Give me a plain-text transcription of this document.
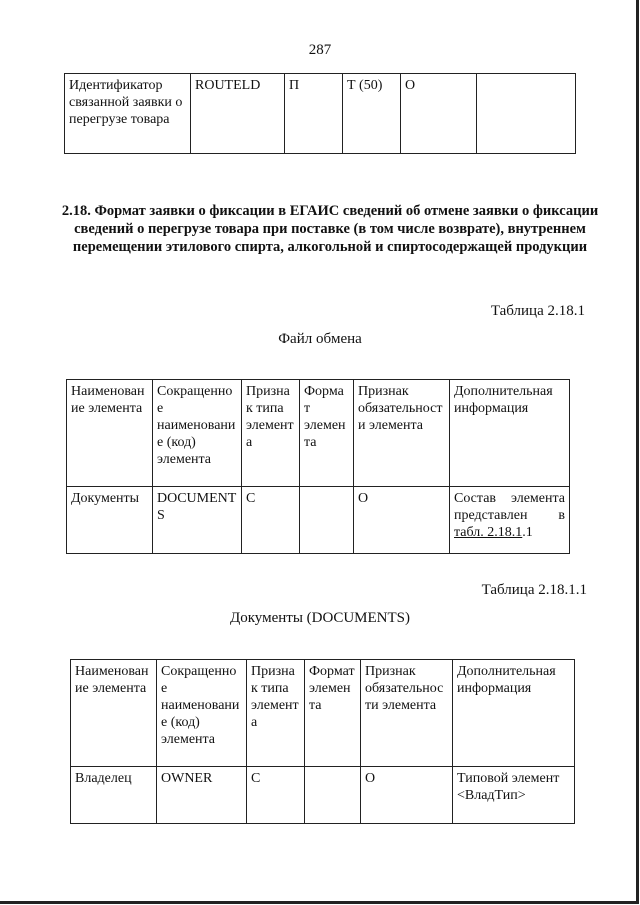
287
Идентификатор связанной заявки о перегрузе товара	ROUTELD	П	Т (50)	О	
2.18. Формат заявки о фиксации в ЕГАИС сведений об отмене заявки о фиксации сведений о перегрузе товара при поставке (в том числе возврате), внутреннем перемещении этилового спирта, алкогольной и спиртосодержащей продукции
Таблица 2.18.1
Файл обмена
Наименование элемента	Сокращенное наименование (код) элемента	Признак типа элемента	Формат элемента	Признак обязательности элемента	Дополнительная информация
Документы	DOCUMENTS	С		О	Состав элемента представлен в
табл. 2.18.1.1
Таблица 2.18.1.1
Документы (DOCUMENTS)
Наименование элемента	Сокращенное наименование (код) элемента	Признак типа элемента	Формат элемента	Признак обязательности элемента	Дополнительная информация
Владелец	OWNER	С		О	Типовой элемент <ВладТип>
